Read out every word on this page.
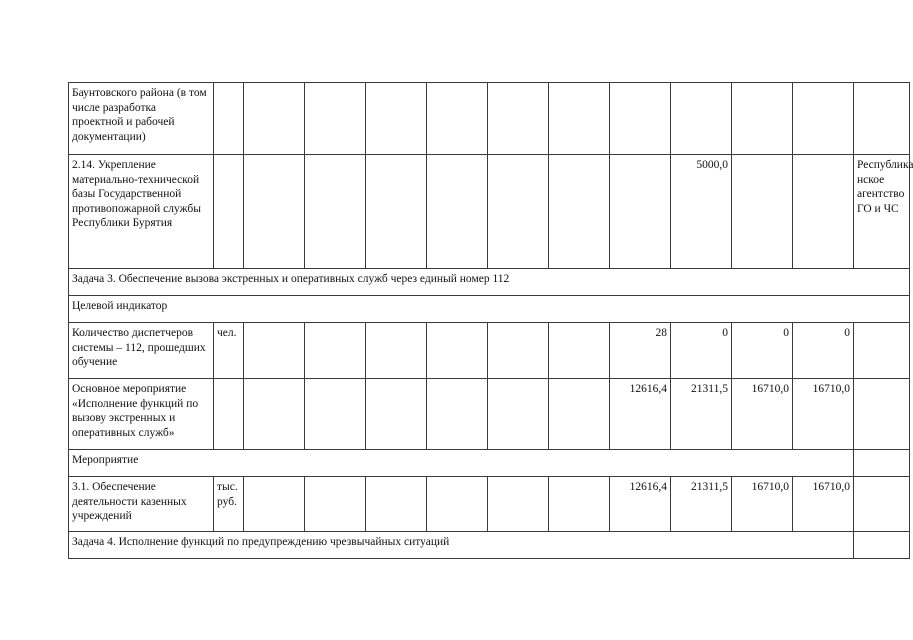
Баунтовского района (в том числе разработка проектной и рабочей документации)												
2.14. Укрепление материально-технической базы Государственной противопожарной службы Республики Бурятия									5000,0			Республика нское агентство ГО и ЧС
Задача 3. Обеспечение вызова экстренных и оперативных служб через единый номер 112												
Целевой индикатор												
Количество диспетчеров системы – 112, прошедших обучение	чел.							28	0	0	0	
Основное мероприятие «Исполнение функций по вызову экстренных и оперативных служб»								12616,4	21311,5	16710,0	16710,0	
Мероприятие												
3.1. Обеспечение деятельности казенных учреждений	тыс. руб.							12616,4	21311,5	16710,0	16710,0	
Задача 4. Исполнение функций по предупреждению чрезвычайных ситуаций												
